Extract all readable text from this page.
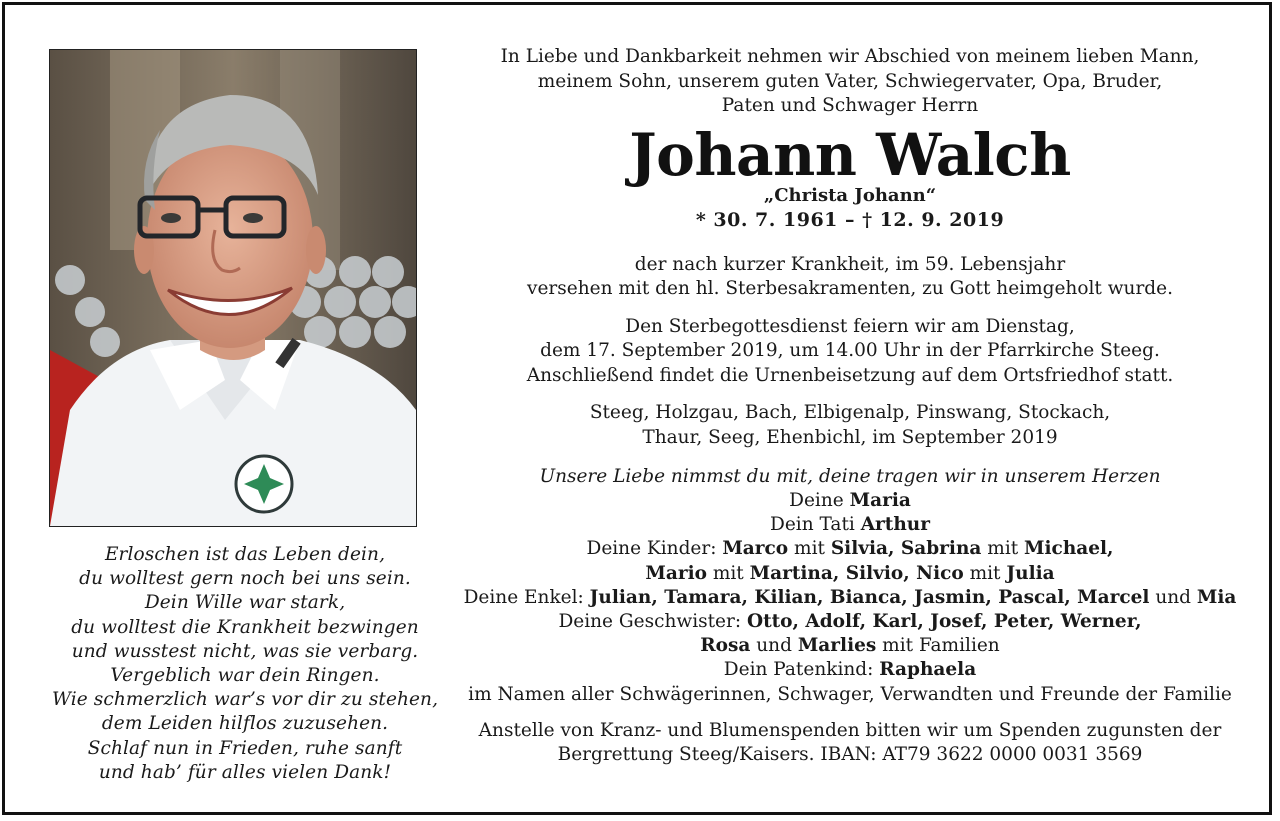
Erloschen ist das Leben dein,
du wolltest gern noch bei uns sein.
Dein Wille war stark,
du wolltest die Krankheit bezwingen
und wusstest nicht, was sie verbarg.
Vergeblich war dein Ringen.
Wie schmerzlich war’s vor dir zu stehen,
dem Leiden hilflos zuzusehen.
Schlaf nun in Frieden, ruhe sanft
und hab’ für alles vielen Dank!
In Liebe und Dankbarkeit nehmen wir Abschied von meinem lieben Mann,
meinem Sohn, unserem guten Vater, Schwiegervater, Opa, Bruder,
Paten und Schwager Herrn
Johann Walch
„Christa Johann“
* 30. 7. 1961 – † 12. 9. 2019
der nach kurzer Krankheit, im 59. Lebensjahr
versehen mit den hl. Sterbesakramenten, zu Gott heimgeholt wurde.
Den Sterbegottesdienst feiern wir am Dienstag,
dem 17. September 2019, um 14.00 Uhr in der Pfarrkirche Steeg.
Anschließend findet die Urnenbeisetzung auf dem Ortsfriedhof statt.
Steeg, Holzgau, Bach, Elbigenalp, Pinswang, Stockach,
Thaur, Seeg, Ehenbichl, im September 2019
Unsere Liebe nimmst du mit, deine tragen wir in unserem Herzen
Deine Maria
Dein Tati Arthur
Deine Kinder: Marco mit Silvia, Sabrina mit Michael,
Mario mit Martina, Silvio, Nico mit Julia
Deine Enkel: Julian, Tamara, Kilian, Bianca, Jasmin, Pascal, Marcel und Mia
Deine Geschwister: Otto, Adolf, Karl, Josef, Peter, Werner,
Rosa und Marlies mit Familien
Dein Patenkind: Raphaela
im Namen aller Schwägerinnen, Schwager, Verwandten und Freunde der Familie
Anstelle von Kranz- und Blumenspenden bitten wir um Spenden zugunsten der
Bergrettung Steeg/Kaisers. IBAN: AT79 3622 0000 0031 3569
